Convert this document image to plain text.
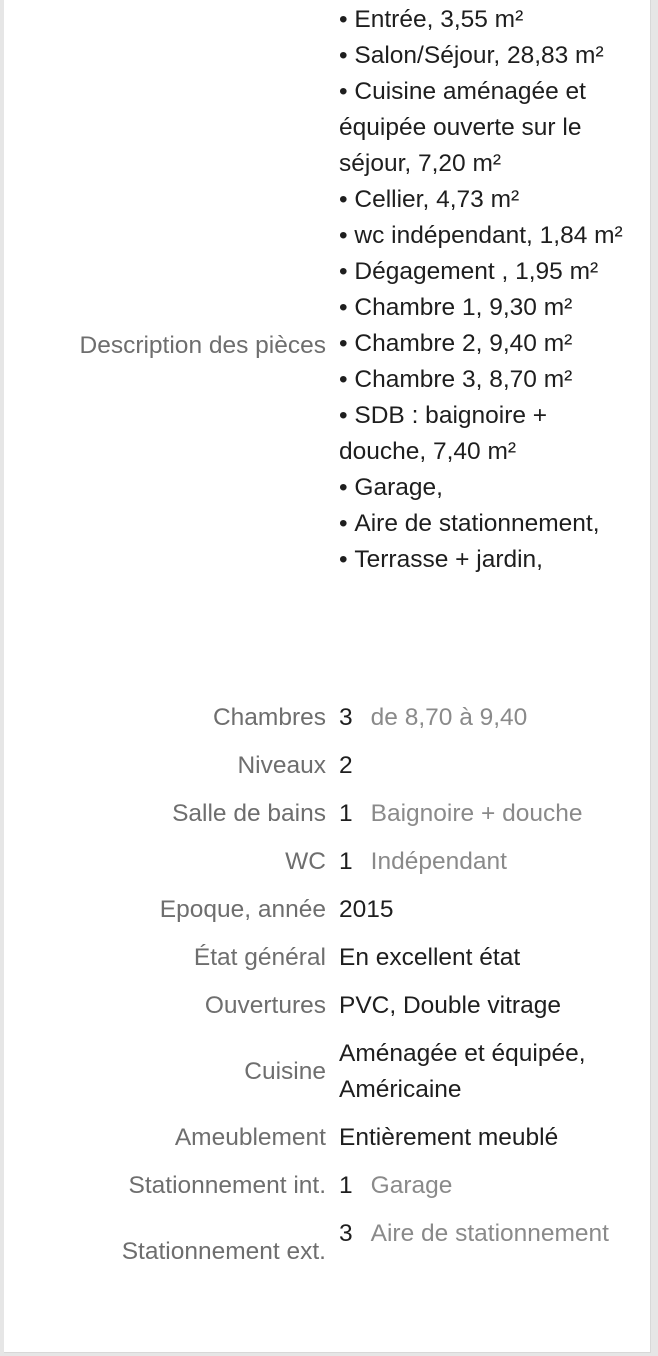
Description des pièces
• Entrée, 3,55 m²
• Salon/Séjour, 28,83 m²
• Cuisine aménagée et équipée ouverte sur le séjour, 7,20 m²
• Cellier, 4,73 m²
• wc indépendant, 1,84 m²
• Dégagement , 1,95 m²
• Chambre 1, 9,30 m²
• Chambre 2, 9,40 m²
• Chambre 3, 8,70 m²
• SDB : baignoire + douche, 7,40 m²
• Garage,
• Aire de stationnement,
• Terrasse + jardin,
Chambres 3 de 8,70 à 9,40
Niveaux 2
Salle de bains 1 Baignoire + douche
WC 1 Indépendant
Epoque, année 2015
État général En excellent état
Ouvertures PVC, Double vitrage
Cuisine
Aménagée et équipée, Américaine
Ameublement Entièrement meublé
Stationnement int. 1 Garage
Stationnement ext.
3 Aire de stationnement
